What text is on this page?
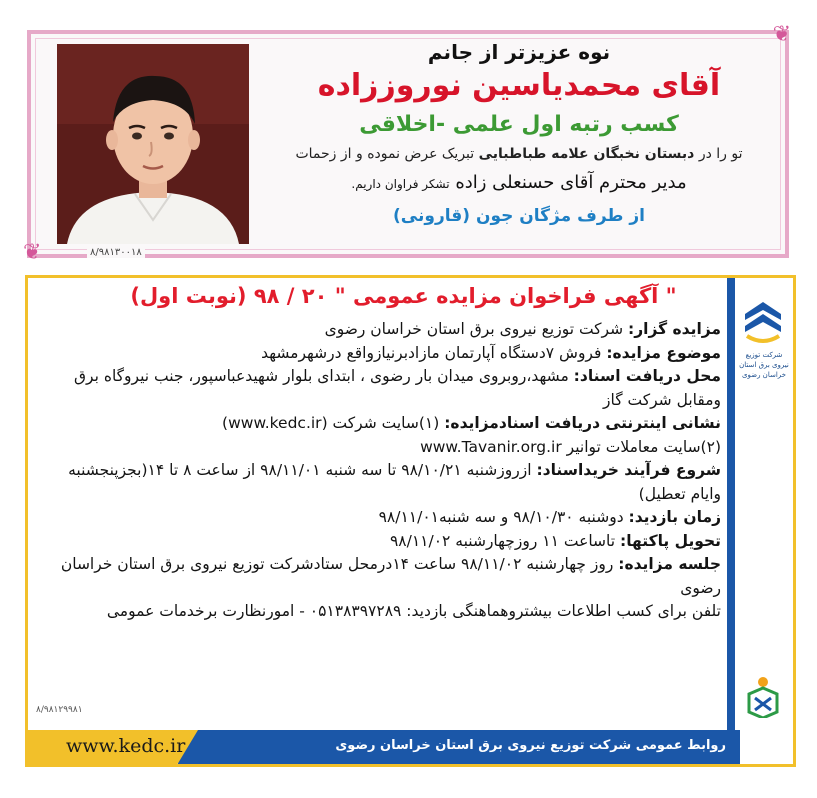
❦
❦
نوه عزیزتر از جانم
آقای محمدیاسین نوروززاده
کسب رتبه اول علمی -اخلاقی
تو را در دبستان نخبگان علامه طباطبایی تبریک عرض نموده و از زحمات
مدیر محترم آقای حسنعلی زاده تشکر فراوان داریم.
از طرف مژگان جون (قارونی)
۸/۹۸۱۳۰۰۱۸
شرکت توزیع نیروی برق استان خراسان رضوی
" آگهی فراخوان مزایده عمومی " ۲۰ / ۹۸ (نوبت اول)
مزایده گزار: شرکت توزیع نیروی برق استان خراسان رضوی
موضوع مزایده: فروش ۷دستگاه آپارتمان مازادبرنیازواقع درشهرمشهد
محل دریافت اسناد: مشهد،روبروی میدان بار رضوی ، ابتدای بلوار شهیدعباسپور، جنب نیروگاه برق ومقابل شرکت گاز
نشانی اینترنتی دریافت اسنادمزایده: (۱)سایت شرکت (www.kedc.ir)
(۲)سایت معاملات توانیر www.Tavanir.org.ir
شروع فرآیند خریداسناد: ازروزشنبه ۹۸/۱۰/۲۱ تا سه شنبه ۹۸/۱۱/۰۱ از ساعت ۸ تا ۱۴(بجزپنجشنبه وایام تعطیل)
زمان بازدید: دوشنبه ۹۸/۱۰/۳۰ و سه شنبه۹۸/۱۱/۰۱
تحویل پاکتها: تاساعت ۱۱ روزچهارشنبه ۹۸/۱۱/۰۲
جلسه مزایده: روز چهارشنبه ۹۸/۱۱/۰۲ ساعت ۱۴درمحل ستادشرکت توزیع نیروی برق استان خراسان رضوی
تلفن برای کسب اطلاعات بیشتروهماهنگی بازدید: ۰۵۱۳۸۳۹۷۲۸۹ - امورنظارت برخدمات عمومی
۸/۹۸۱۲۹۹۸۱
روابط عمومی شرکت توزیع نیروی برق استان خراسان رضوی
www.kedc.ir
